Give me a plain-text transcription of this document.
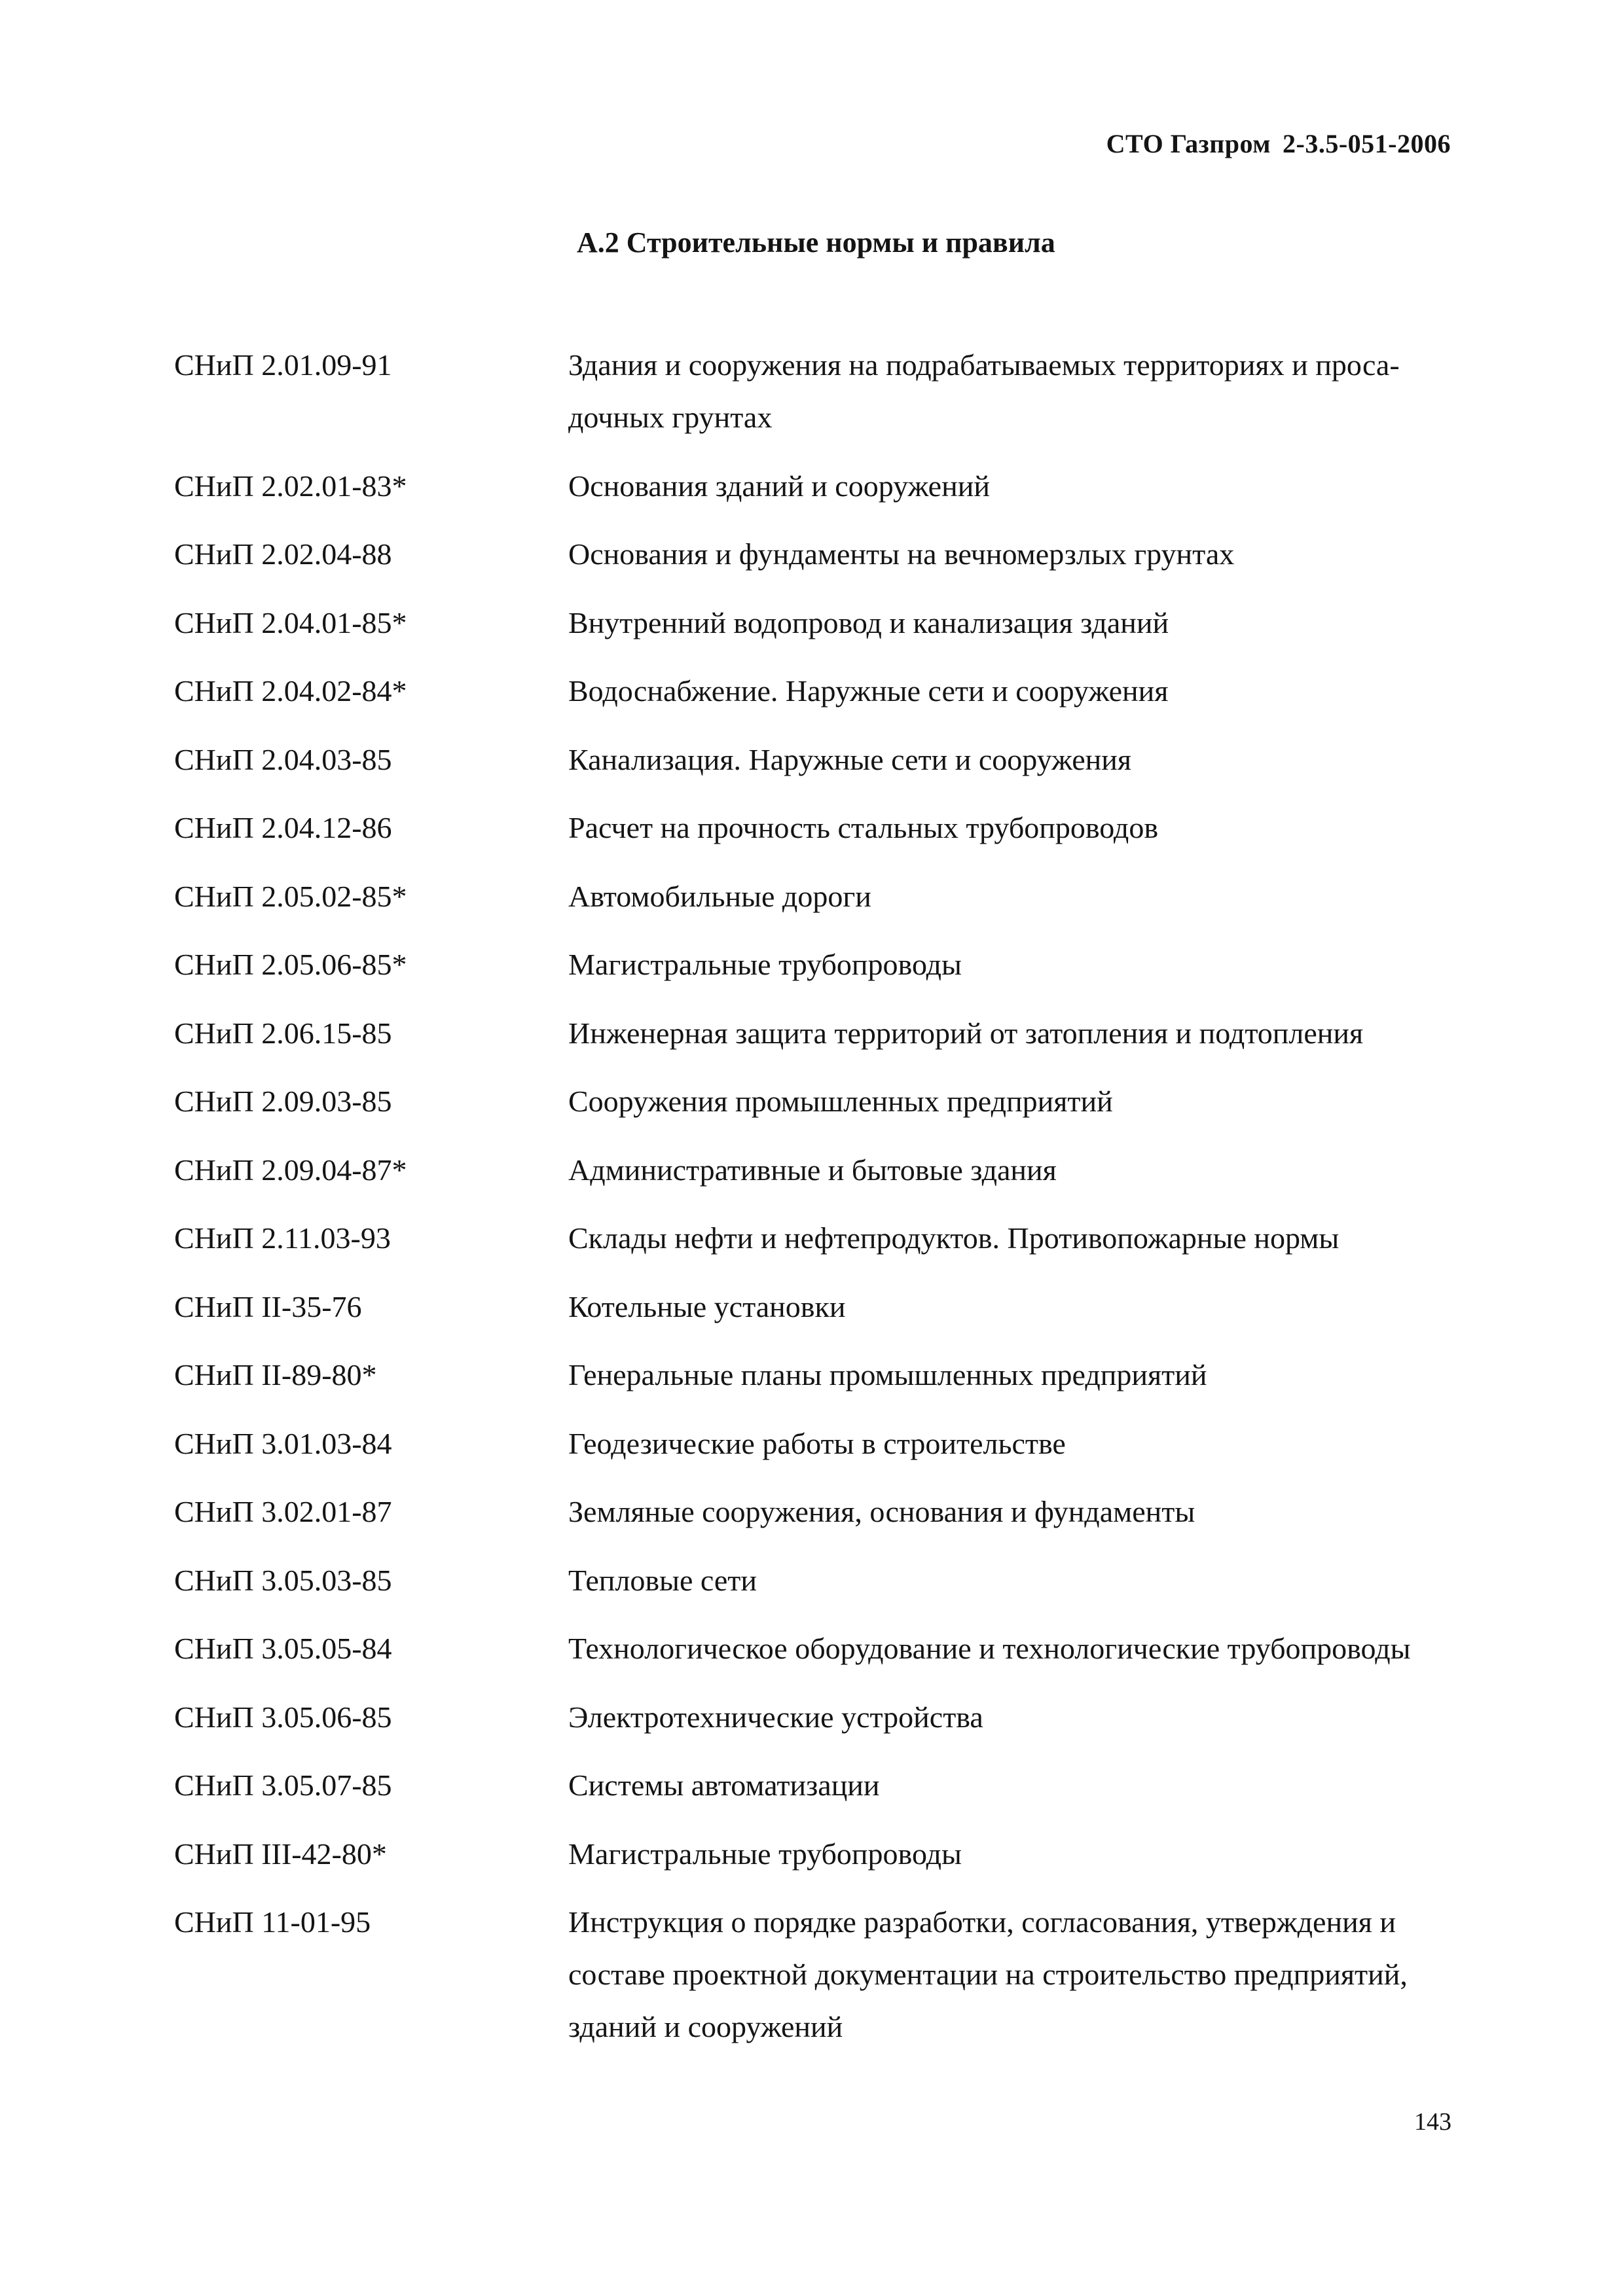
СТО Газпром 2-3.5-051-2006
А.2 Строительные нормы и правила
СНиП 2.01.09-91	Здания и сооружения на подрабатываемых территориях и проса-
дочных грунтах
СНиП 2.02.01-83*	Основания зданий и сооружений
СНиП 2.02.04-88	Основания и фундаменты на вечномерзлых грунтах
СНиП 2.04.01-85*	Внутренний водопровод и канализация зданий
СНиП 2.04.02-84*	Водоснабжение. Наружные сети и сооружения
СНиП 2.04.03-85	Канализация. Наружные сети и сооружения
СНиП 2.04.12-86	Расчет на прочность стальных трубопроводов
СНиП 2.05.02-85*	Автомобильные дороги
СНиП 2.05.06-85*	Магистральные трубопроводы
СНиП 2.06.15-85	Инженерная защита территорий от затопления и подтопления
СНиП 2.09.03-85	Сооружения промышленных предприятий
СНиП 2.09.04-87*	Административные и бытовые здания
СНиП 2.11.03-93	Склады нефти и нефтепродуктов. Противопожарные нормы
СНиП II-35-76	Котельные установки
СНиП II-89-80*	Генеральные планы промышленных предприятий
СНиП 3.01.03-84	Геодезические работы в строительстве
СНиП 3.02.01-87	Земляные сооружения, основания и фундаменты
СНиП 3.05.03-85	Тепловые сети
СНиП 3.05.05-84	Технологическое оборудование и технологические трубопроводы
СНиП 3.05.06-85	Электротехнические устройства
СНиП 3.05.07-85	Системы автоматизации
СНиП III-42-80*	Магистральные трубопроводы
СНиП 11-01-95	Инструкция о порядке разработки, согласования, утверждения и
составе проектной документации на строительство предприятий,
зданий и сооружений
143
